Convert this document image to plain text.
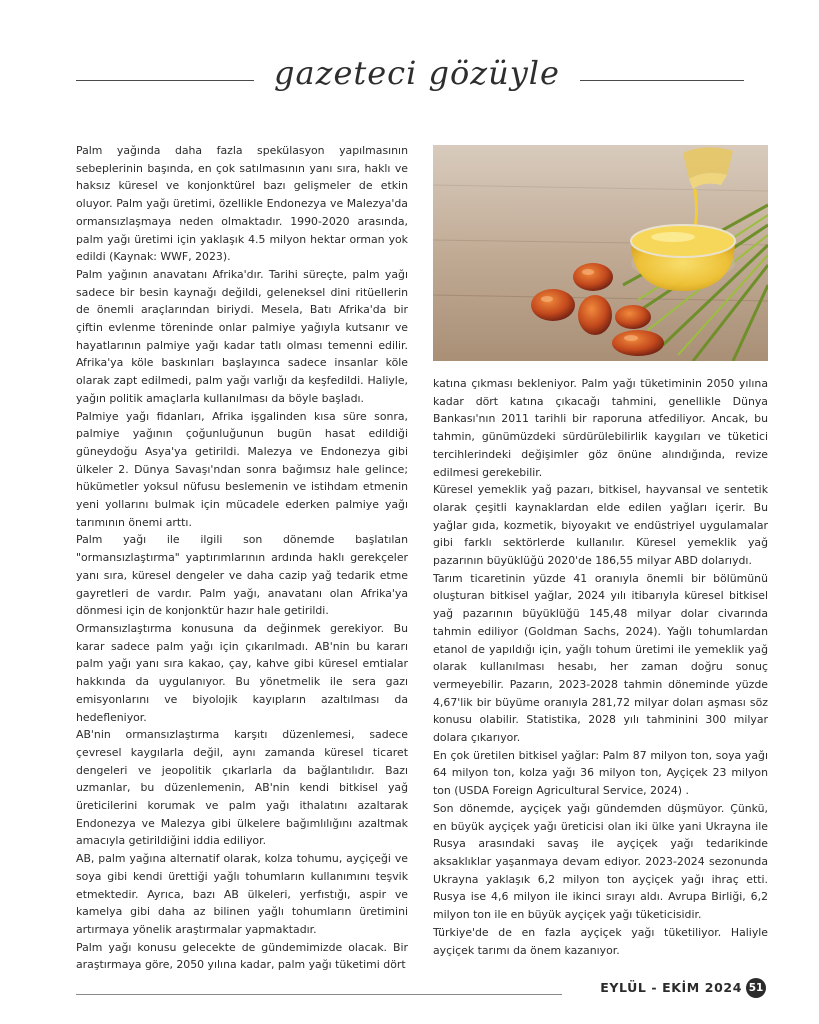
gazeteci gözüyle

Palm yağında daha fazla spekülasyon yapılmasının sebeplerinin başında, en çok satılmasının yanı sıra, haklı ve haksız küresel ve konjonktürel bazı gelişmeler de etkin oluyor. Palm yağı üretimi, özellikle Endonezya ve Malezya'da ormansızlaşmaya neden olmaktadır. 1990-2020 arasında, palm yağı üretimi için yaklaşık 4.5 milyon hektar orman yok edildi (Kaynak: WWF, 2023).

Palm yağının anavatanı Afrika'dır. Tarihi süreçte, palm yağı sadece bir besin kaynağı değildi, geleneksel dini ritüellerin de önemli araçlarından biriydi. Mesela, Batı Afrika'da bir çiftin evlenme töreninde onlar palmiye yağıyla kutsanır ve hayatlarının palmiye yağı kadar tatlı olması temenni edilir. Afrika'ya köle baskınları başlayınca sadece insanlar köle olarak zapt edilmedi, palm yağı varlığı da keşfedildi. Haliyle, yağın politik amaçlarla kullanılması da böyle başladı.

Palmiye yağı fidanları, Afrika işgalinden kısa süre sonra, palmiye yağının çoğunluğunun bugün hasat edildiği güneydoğu Asya'ya getirildi. Malezya ve Endonezya gibi ülkeler 2. Dünya Savaşı'ndan sonra bağımsız hale gelince; hükümetler yoksul nüfusu beslemenin ve istihdam etmenin yeni yollarını bulmak için mücadele ederken palmiye yağı tarımının önemi arttı.

Palm yağı ile ilgili son dönemde başlatılan "ormansızlaştırma" yaptırımlarının ardında haklı gerekçeler yanı sıra, küresel dengeler ve daha cazip yağ tedarik etme gayretleri de vardır. Palm yağı, anavatanı olan Afrika'ya dönmesi için de konjonktür hazır hale getirildi.

Ormansızlaştırma konusuna da değinmek gerekiyor. Bu karar sadece palm yağı için çıkarılmadı. AB'nin bu kararı palm yağı yanı sıra kakao, çay, kahve gibi küresel emtialar hakkında da uygulanıyor. Bu yönetmelik ile sera gazı emisyonlarını ve biyolojik kayıpların azaltılması da hedefleniyor.

AB'nin ormansızlaştırma karşıtı düzenlemesi, sadece çevresel kaygılarla değil, aynı zamanda küresel ticaret dengeleri ve jeopolitik çıkarlarla da bağlantılıdır. Bazı uzmanlar, bu düzenlemenin, AB'nin kendi bitkisel yağ üreticilerini korumak ve palm yağı ithalatını azaltarak Endonezya ve Malezya gibi ülkelere bağımlılığını azaltmak amacıyla getirildiğini iddia ediliyor.

AB, palm yağına alternatif olarak, kolza tohumu, ayçiçeği ve soya gibi kendi ürettiği yağlı tohumların kullanımını teşvik etmektedir. Ayrıca, bazı AB ülkeleri, yerfıstığı, aspir ve kamelya gibi daha az bilinen yağlı tohumların üretimini artırmaya yönelik araştırmalar yapmaktadır.

Palm yağı konusu gelecekte de gündemimizde olacak. Bir araştırmaya göre, 2050 yılına kadar, palm yağı tüketimi dört

katına çıkması bekleniyor. Palm yağı tüketiminin 2050 yılına kadar dört katına çıkacağı tahmini, genellikle Dünya Bankası'nın 2011 tarihli bir raporuna atfediliyor. Ancak, bu tahmin, günümüzdeki sürdürülebilirlik kaygıları ve tüketici tercihlerindeki değişimler göz önüne alındığında, revize edilmesi gerekebilir.

Küresel yemeklik yağ pazarı, bitkisel, hayvansal ve sentetik olarak çeşitli kaynaklardan elde edilen yağları içerir. Bu yağlar gıda, kozmetik, biyoyakıt ve endüstriyel uygulamalar gibi farklı sektörlerde kullanılır. Küresel yemeklik yağ pazarının büyüklüğü 2020'de 186,55 milyar ABD dolarıydı.

Tarım ticaretinin yüzde 41 oranıyla önemli bir bölümünü oluşturan bitkisel yağlar, 2024 yılı itibarıyla küresel bitkisel yağ pazarının büyüklüğü 145,48 milyar dolar civarında tahmin ediliyor (Goldman Sachs, 2024). Yağlı tohumlardan etanol de yapıldığı için, yağlı tohum üretimi ile yemeklik yağ olarak kullanılması hesabı, her zaman doğru sonuç vermeyebilir. Pazarın, 2023-2028 tahmin döneminde yüzde 4,67'lik bir büyüme oranıyla 281,72 milyar doları aşması söz konusu olabilir. Statistika, 2028 yılı tahminini 300 milyar dolara çıkarıyor.

En çok üretilen bitkisel yağlar: Palm 87 milyon ton, soya yağı 64 milyon ton, kolza yağı 36 milyon ton, Ayçiçek 23 milyon ton (USDA Foreign Agricultural Service, 2024) .

Son dönemde, ayçiçek yağı gündemden düşmüyor. Çünkü, en büyük ayçiçek yağı üreticisi olan iki ülke yani Ukrayna ile Rusya arasındaki savaş ile ayçiçek yağı tedarikinde aksaklıklar yaşanmaya devam ediyor. 2023-2024 sezonunda Ukrayna yaklaşık 6,2 milyon ton ayçiçek yağı ihraç etti. Rusya ise 4,6 milyon ile ikinci sırayı aldı. Avrupa Birliği, 6,2 milyon ton ile en büyük ayçiçek yağı tüketicisidir.

Türkiye'de de en fazla ayçiçek yağı tüketiliyor. Haliyle ayçiçek tarımı da önem kazanıyor.

EYLÜL - EKİM 2024 51
